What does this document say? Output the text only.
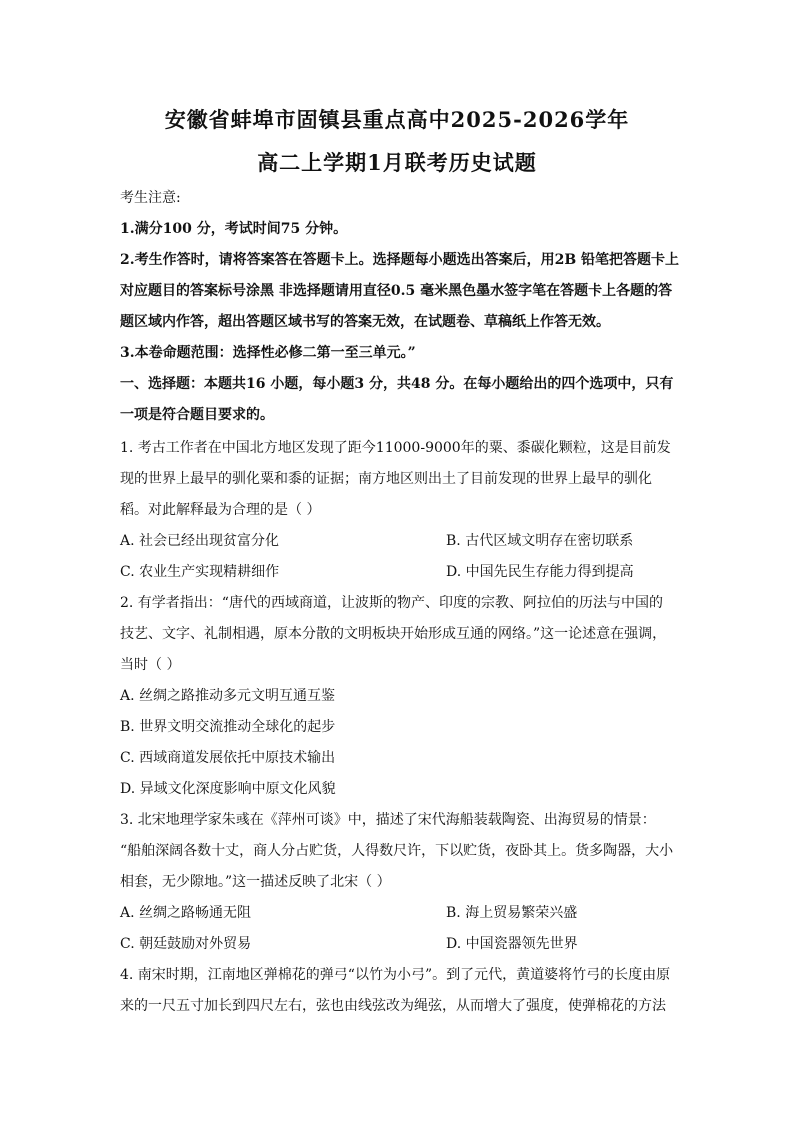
安徽省蚌埠市固镇县重点高中2025-2026学年
高二上学期1月联考历史试题
考生注意:
1.满分100 分，考试时间75 分钟。
2.考生作答时，请将答案答在答题卡上。选择题每小题选出答案后，用2B 铅笔把答题卡上
对应题目的答案标号涂黑 非选择题请用直径0.5 毫米黑色墨水签字笔在答题卡上各题的答
题区域内作答，超出答题区域书写的答案无效，在试题卷、草稿纸上作答无效。
3.本卷命题范围：选择性必修二第一至三单元。”
一、选择题：本题共16 小题，每小题3 分，共48 分。在每小题给出的四个选项中，只有
一项是符合题目要求的。
1. 考古工作者在中国北方地区发现了距今11000-9000年的粟、黍碳化颗粒，这是目前发
现的世界上最早的驯化粟和黍的证据；南方地区则出土了目前发现的世界上最早的驯化
稻。对此解释最为合理的是（ ）
A. 社会已经出现贫富分化	B. 古代区域文明存在密切联系
C. 农业生产实现精耕细作	D. 中国先民生存能力得到提高
2. 有学者指出：“唐代的西域商道，让波斯的物产、印度的宗教、阿拉伯的历法与中国的
技艺、文字、礼制相遇，原本分散的文明板块开始形成互通的网络。”这一论述意在强调，
当时（ ）
A. 丝绸之路推动多元文明互通互鉴
B. 世界文明交流推动全球化的起步
C. 西域商道发展依托中原技术输出
D. 异域文化深度影响中原文化风貌
3. 北宋地理学家朱彧在《萍州可谈》中，描述了宋代海船装载陶瓷、出海贸易的情景：
“船舶深阔各数十丈，商人分占贮货，人得数尺许，下以贮货，夜卧其上。货多陶器，大小
相套，无少隙地。”这一描述反映了北宋（ ）
A. 丝绸之路畅通无阻	B. 海上贸易繁荣兴盛
C. 朝廷鼓励对外贸易	D. 中国瓷器领先世界
4. 南宋时期，江南地区弹棉花的弹弓“以竹为小弓”。到了元代，黄道婆将竹弓的长度由原
来的一尺五寸加长到四尺左右，弦也由线弦改为绳弦，从而增大了强度，使弹棉花的方法
